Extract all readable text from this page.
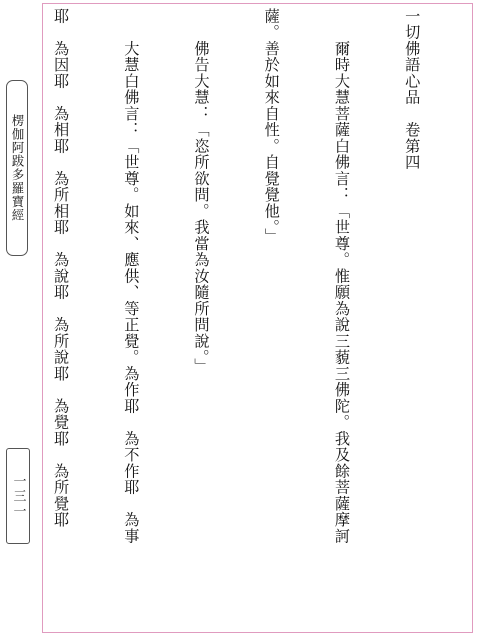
一切佛語心品　卷第四

　　爾時大慧菩薩白佛言：「世尊。惟願為說三藐三佛陀。我及餘菩薩摩訶

薩。善於如來自性。自覺覺他。」

　　佛告大慧：「恣所欲問。我當為汝隨所問說。」

　　大慧白佛言：「世尊。如來、應供、等正覺。為作耶　為不作耶　為事

耶　為因耶　為相耶　為所相耶　為說耶　為所說耶　為覺耶　為所覺耶

楞伽阿跋多羅寶經
一三一
